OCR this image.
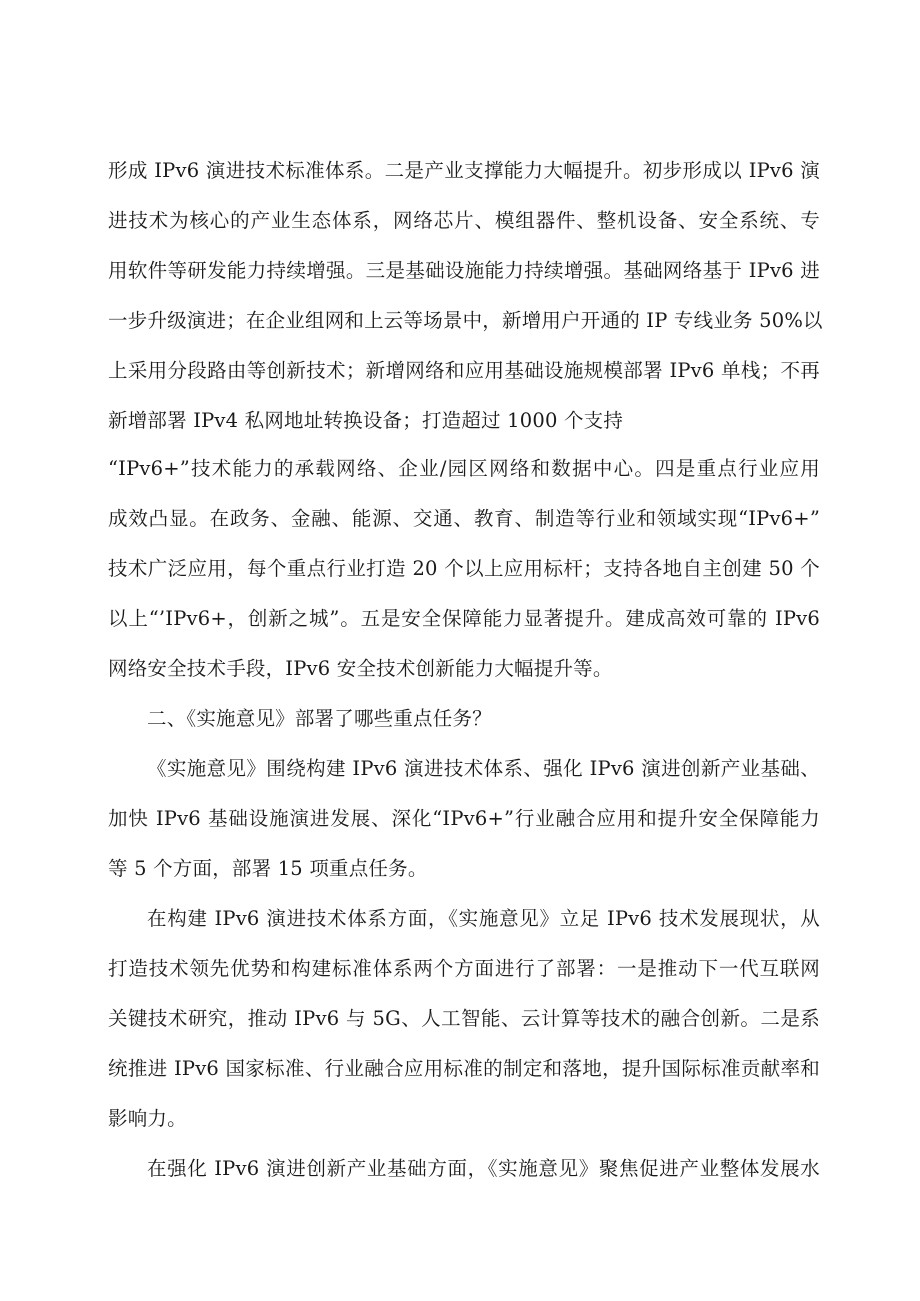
形成 IPv6 演进技术标准体系。二是产业支撑能力大幅提升。初步形成以 IPv6 演
进技术为核心的产业生态体系，网络芯片、模组器件、整机设备、安全系统、专
用软件等研发能力持续增强。三是基础设施能力持续增强。基础网络基于 IPv6 进
一步升级演进；在企业组网和上云等场景中，新增用户开通的 IP 专线业务 50%以
上采用分段路由等创新技术；新增网络和应用基础设施规模部署 IPv6 单栈；不再
新增部署 IPv4 私网地址转换设备；打造超过 1000 个支持
“IPv6+”技术能力的承载网络、企业/园区网络和数据中心。四是重点行业应用
成效凸显。在政务、金融、能源、交通、教育、制造等行业和领域实现“IPv6+”
技术广泛应用，每个重点行业打造 20 个以上应用标杆；支持各地自主创建 50 个
以上“’IPv6+，创新之城”。五是安全保障能力显著提升。建成高效可靠的 IPv6
网络安全技术手段，IPv6 安全技术创新能力大幅提升等。
二、《实施意见》部署了哪些重点任务？
《实施意见》围绕构建 IPv6 演进技术体系、强化 IPv6 演进创新产业基础、
加快 IPv6 基础设施演进发展、深化“IPv6+”行业融合应用和提升安全保障能力
等 5 个方面，部署 15 项重点任务。
在构建 IPv6 演进技术体系方面，《实施意见》立足 IPv6 技术发展现状，从
打造技术领先优势和构建标准体系两个方面进行了部署：一是推动下一代互联网
关键技术研究，推动 IPv6 与 5G、人工智能、云计算等技术的融合创新。二是系
统推进 IPv6 国家标准、行业融合应用标准的制定和落地，提升国际标准贡献率和
影响力。
在强化 IPv6 演进创新产业基础方面，《实施意见》聚焦促进产业整体发展水
